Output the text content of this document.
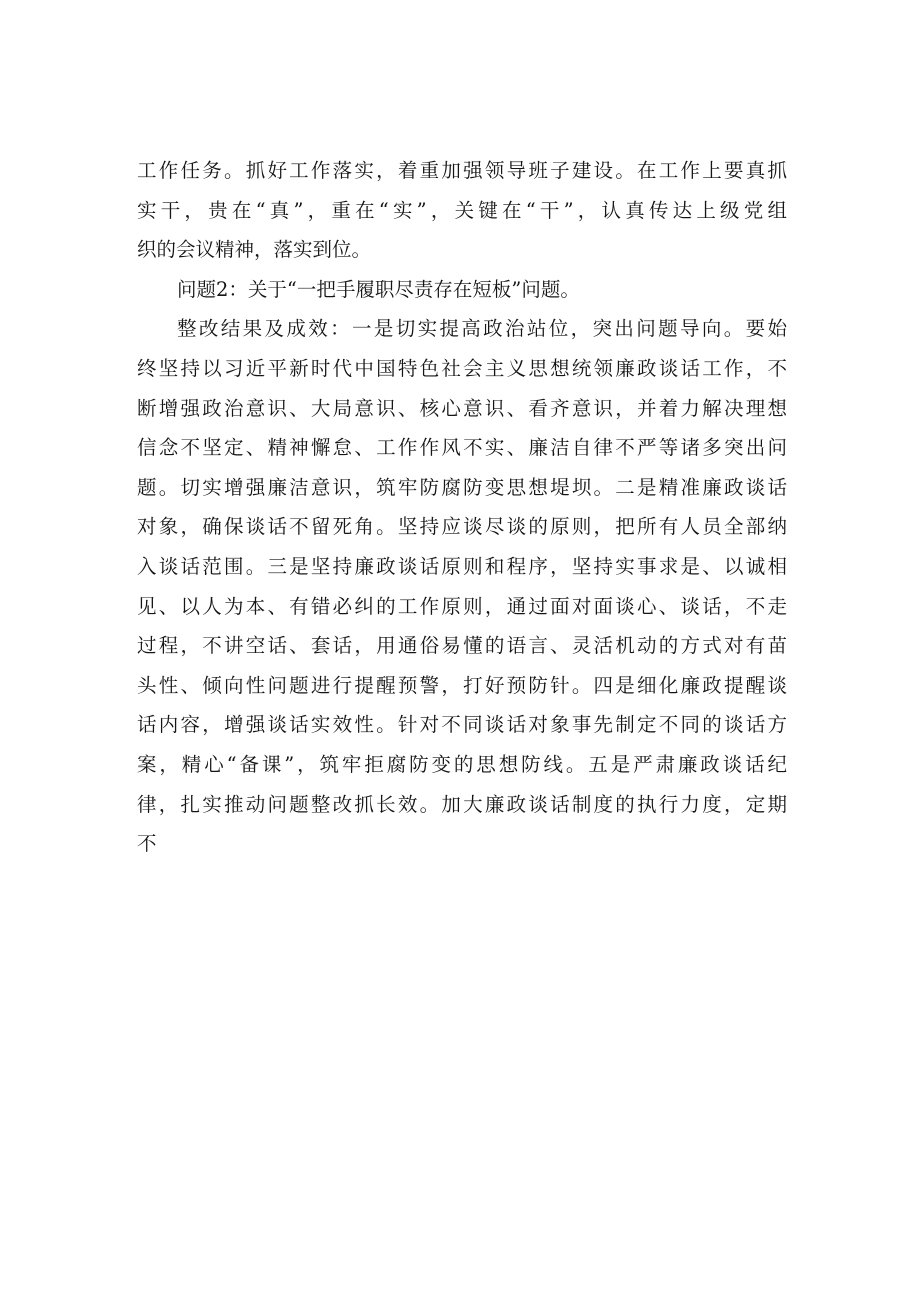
工作任务。抓好工作落实，着重加强领导班子建设。在工作上要真抓
实干，贵在“真”，重在“实”，关键在“干”，认真传达上级党组
织的会议精神，落实到位。
问题2：关于“一把手履职尽责存在短板”问题。
整改结果及成效：一是切实提高政治站位，突出问题导向。要始
终坚持以习近平新时代中国特色社会主义思想统领廉政谈话工作，不
断增强政治意识、大局意识、核心意识、看齐意识，并着力解决理想
信念不坚定、精神懈怠、工作作风不实、廉洁自律不严等诸多突出问
题。切实增强廉洁意识，筑牢防腐防变思想堤坝。二是精准廉政谈话
对象，确保谈话不留死角。坚持应谈尽谈的原则，把所有人员全部纳
入谈话范围。三是坚持廉政谈话原则和程序，坚持实事求是、以诚相
见、以人为本、有错必纠的工作原则，通过面对面谈心、谈话，不走
过程，不讲空话、套话，用通俗易懂的语言、灵活机动的方式对有苗
头性、倾向性问题进行提醒预警，打好预防针。四是细化廉政提醒谈
话内容，增强谈话实效性。针对不同谈话对象事先制定不同的谈话方
案，精心“备课”，筑牢拒腐防变的思想防线。五是严肃廉政谈话纪
律，扎实推动问题整改抓长效。加大廉政谈话制度的执行力度，定期
不
